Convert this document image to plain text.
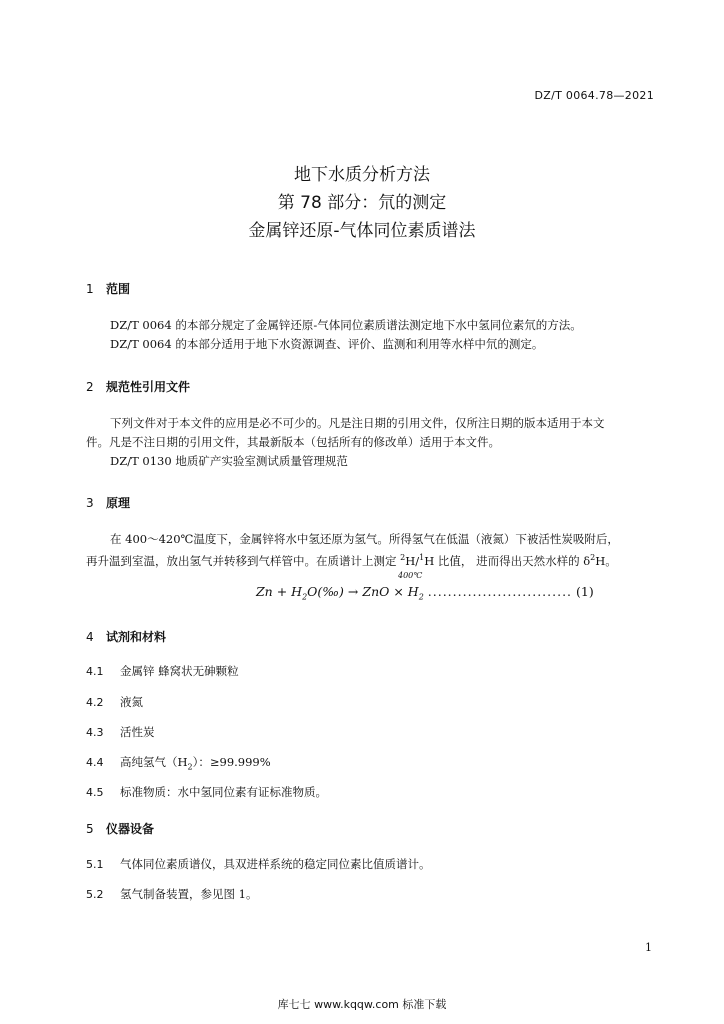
DZ/T 0064.78—2021
地下水质分析方法
第 78 部分：氘的测定
金属锌还原-气体同位素质谱法
1 范围
DZ/T 0064 的本部分规定了金属锌还原-气体同位素质谱法测定地下水中氢同位素氘的方法。
DZ/T 0064 的本部分适用于地下水资源调查、评价、监测和利用等水样中氘的测定。
2 规范性引用文件
下列文件对于本文件的应用是必不可少的。凡是注日期的引用文件，仅所注日期的版本适用于本文
件。凡是不注日期的引用文件，其最新版本（包括所有的修改单）适用于本文件。
DZ/T 0130 地质矿产实验室测试质量管理规范
3 原理
在 400～420℃温度下，金属锌将水中氢还原为氢气。所得氢气在低温（液氮）下被活性炭吸附后，
再升温到室温，放出氢气并转移到气样管中。在质谱计上测定 $^2$H/$^1$H 比值， 进而得出天然水样的 $\delta^2H$。
400℃
$Zn + H_2O(‰)$ → ZnO × $H_2$ ............................. (1)
4 试剂和材料
4.1 金属锌 蜂窝状无砷颗粒
4.2 液氮
4.3 活性炭
4.4 高纯氢气$(H_2)$：≥99.999%
4.5 标准物质：水中氢同位素有证标准物质。
5 仪器设备
5.1 气体同位素质谱仪，具双进样系统的稳定同位素比值质谱计。
5.2 氢气制备装置，参见图 1。
1
库七七 www.kqqw.com 标准下载
